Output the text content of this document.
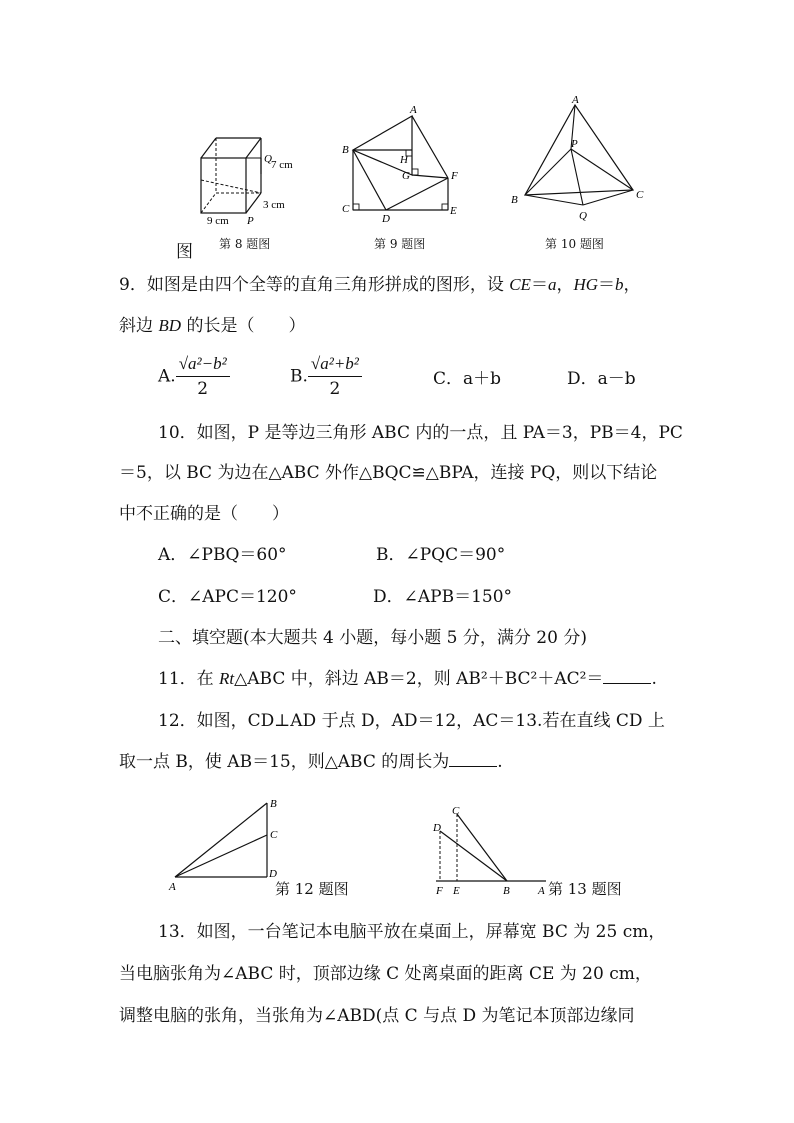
Q 7 cm
3 cm
9 cm P
第 8 题图
图
A
B
H
G	F
C
D
E
第 9 题图
A
P
B	C
Q
第 10 题图
9．如图是由四个全等的直角三角形拼成的图形，设 CE＝a，HG＝b，
斜边 BD 的长是（　　）
A. $\frac{\text{√a²−b²}}{2}$	B. $\frac{\text{√a²+b²}}{2}$	C．a＋b	D．a－b
10．如图，P 是等边三角形 ABC 内的一点，且 PA＝3，PB＝4，PC
＝5，以 BC 为边在△ABC 外作△BQC≌△BPA，连接 PQ，则以下结论
中不正确的是（　　）
A．∠PBQ＝60°	B．∠PQC＝90°
C．∠APC＝120°	D．∠APB＝150°
二、填空题(本大题共 4 小题，每小题 5 分，满分 20 分)
11．在 Rt△ABC 中，斜边 AB＝2，则 AB²＋BC²＋AC²＝	.
12．如图，CD⊥AD 于点 D，AD＝12，AC＝13.若在直线 CD 上
取一点 B，使 AB＝15，则△ABC 的周长为	.
B
C
D
A	第 12 题图
C
D
F E	B	A 第 13 题图
13．如图，一台笔记本电脑平放在桌面上，屏幕宽 BC 为 25 cm，
当电脑张角为∠ABC 时，顶部边缘 C 处离桌面的距离 CE 为 20 cm，
调整电脑的张角，当张角为∠ABD(点 C 与点 D 为笔记本顶部边缘同
